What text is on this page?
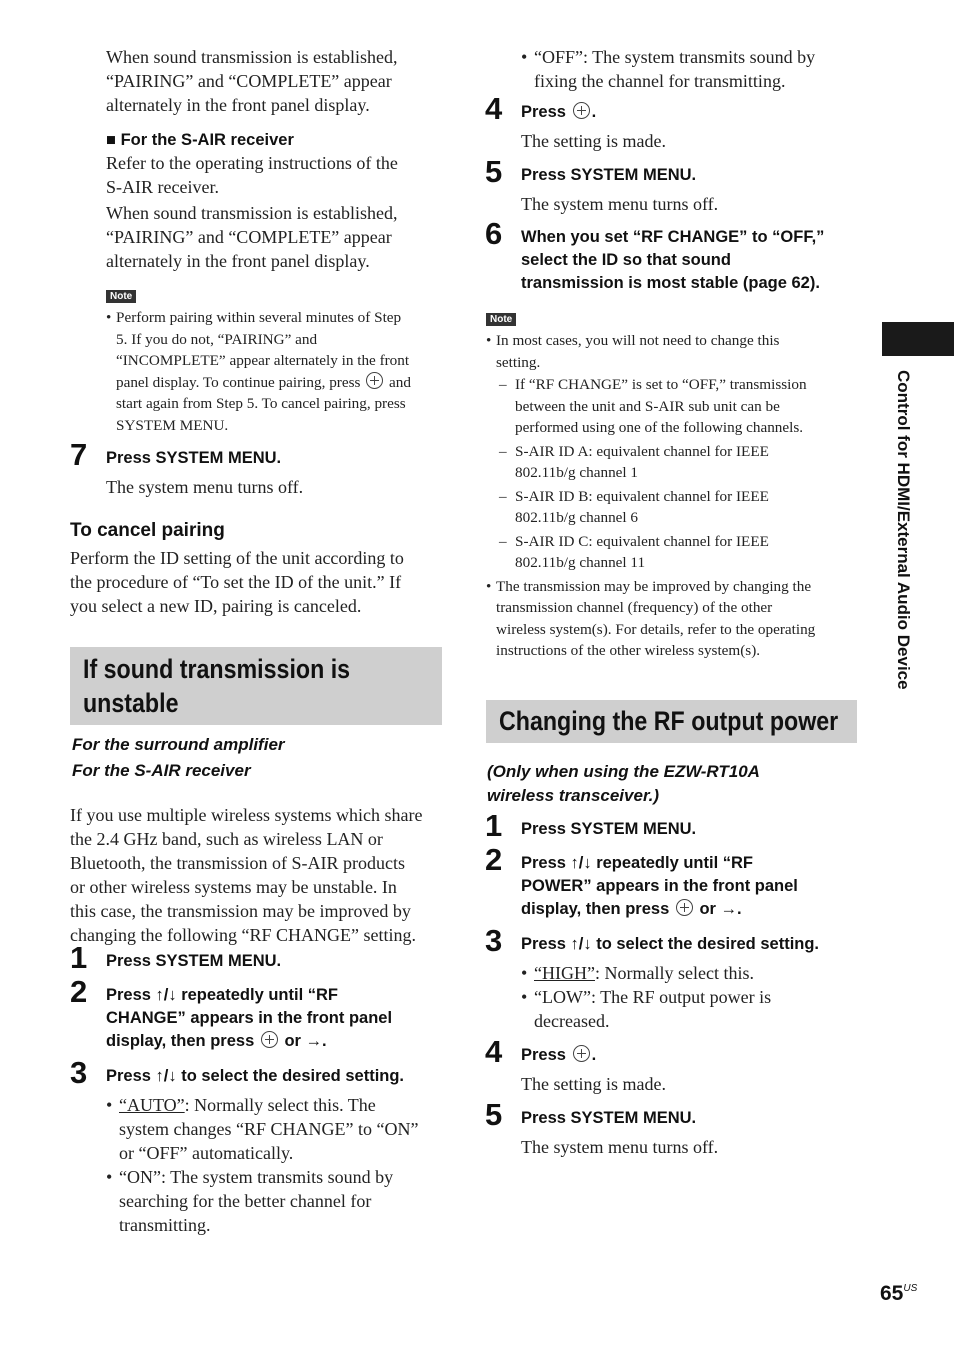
When sound transmission is established,
“PAIRING” and “COMPLETE” appear
alternately in the front panel display.
■ For the S-AIR receiver
Refer to the operating instructions of the
S-AIR receiver.
When sound transmission is established,
“PAIRING” and “COMPLETE” appear
alternately in the front panel display.
Note
• Perform pairing within several minutes of Step
5. If you do not, “PAIRING” and
“INCOMPLETE” appear alternately in the front
panel display. To continue pairing, press and
start again from Step 5. To cancel pairing, press
SYSTEM MENU.
7 Press SYSTEM MENU.
The system menu turns off.
To cancel pairing
Perform the ID setting of the unit according to
the procedure of “To set the ID of the unit.” If
you select a new ID, pairing is canceled.
If sound transmission is
unstable
For the surround amplifier
For the S-AIR receiver
If you use multiple wireless systems which share
the 2.4 GHz band, such as wireless LAN or
Bluetooth, the transmission of S-AIR products
or other wireless systems may be unstable. In
this case, the transmission may be improved by
changing the following “RF CHANGE” setting.
1 Press SYSTEM MENU.
2 Press ↑/↓ repeatedly until “RF
CHANGE” appears in the front panel
display, then press or →.
3 Press ↑/↓ to select the desired setting.
• “AUTO”: Normally select this. The
system changes “RF CHANGE” to “ON”
or “OFF” automatically.
• “ON”: The system transmits sound by
searching for the better channel for
transmitting.
• “OFF”: The system transmits sound by
fixing the channel for transmitting.
4 Press .
The setting is made.
5 Press SYSTEM MENU.
The system menu turns off.
6 When you set “RF CHANGE” to “OFF,”
select the ID so that sound
transmission is most stable (page 62).
Note
• In most cases, you will not need to change this
setting.
– If “RF CHANGE” is set to “OFF,” transmission
between the unit and S-AIR sub unit can be
performed using one of the following channels.
– S-AIR ID A: equivalent channel for IEEE
802.11b/g channel 1
– S-AIR ID B: equivalent channel for IEEE
802.11b/g channel 6
– S-AIR ID C: equivalent channel for IEEE
802.11b/g channel 11
• The transmission may be improved by changing the
transmission channel (frequency) of the other
wireless system(s). For details, refer to the operating
instructions of the other wireless system(s).
Changing the RF output power
(Only when using the EZW-RT10A
wireless transceiver.)
1 Press SYSTEM MENU.
2 Press ↑/↓ repeatedly until “RF
POWER” appears in the front panel
display, then press or →.
3 Press ↑/↓ to select the desired setting.
• “HIGH”: Normally select this.
• “LOW”: The RF output power is
decreased.
4 Press .
The setting is made.
5 Press SYSTEM MENU.
The system menu turns off.
Control for HDMI/External Audio Device
$65^{US}$
